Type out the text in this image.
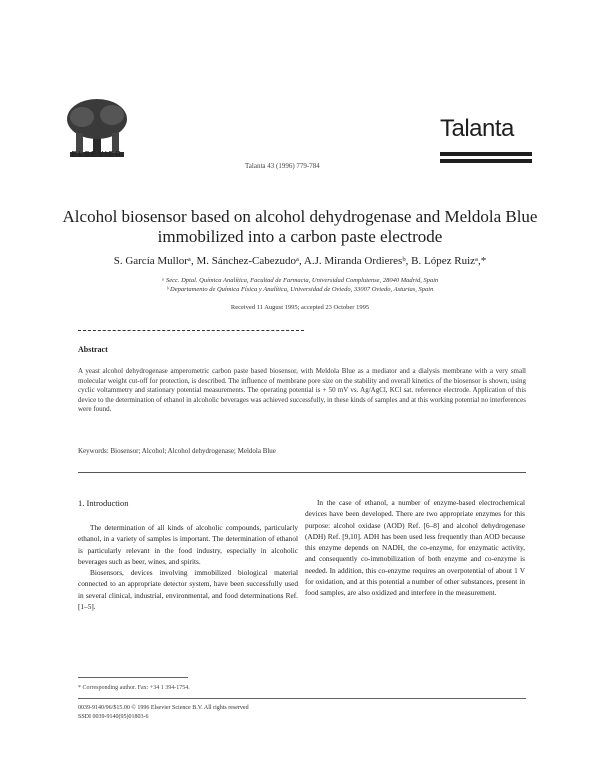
ELSEVIER
Talanta 43 (1996) 779-784
Talanta
Alcohol biosensor based on alcohol dehydrogenase and Meldola Blue immobilized into a carbon paste electrode
S. García Mullorᵃ, M. Sánchez-Cabezudoᵃ, A.J. Miranda Ordieresᵇ, B. López Ruizᵃ,*
ᵃ Secc. Dptal. Química Analítica, Facultad de Farmacia, Universidad Complutense, 28040 Madrid, Spain
ᵇ Departamento de Química Física y Analítica, Universidad de Oviedo, 33007 Oviedo, Asturias, Spain
Received 11 August 1995; accepted 23 October 1995
Abstract
A yeast alcohol dehydrogenase amperometric carbon paste based biosensor, with Meldola Blue as a mediator and a dialysis membrane with a very small molecular weight cut-off for protection, is described. The influence of membrane pore size on the stability and overall kinetics of the biosensor is shown, using cyclic voltammetry and stationary potential measurements. The operating potential is + 50 mV vs. Ag/AgCl, KCl sat. reference electrode. Application of this device to the determination of ethanol in alcoholic beverages was achieved successfully, in these kinds of samples and at this working potential no interferences were found.
Keywords: Biosensor; Alcohol; Alcohol dehydrogenase; Meldola Blue
1. Introduction

The determination of all kinds of alcoholic compounds, particularly ethanol, in a variety of samples is important. The determination of ethanol is particularly relevant in the food industry, especially in alcoholic beverages such as beer, wines, and spirits.

Biosensors, devices involving immobilized biological material connected to an appropriate detector system, have been successfully used in several clinical, industrial, environmental, and food determinations Ref. [1–5].

In the case of ethanol, a number of enzyme-based electrochemical devices have been developed. There are two appropriate enzymes for this purpose: alcohol oxidase (AOD) Ref. [6–8] and alcohol dehydrogenase (ADH) Ref. [9,10]. ADH has been used less frequently than AOD because this enzyme depends on NADH, the co-enzyme, for enzymatic activity, and consequently co-immobilization of both enzyme and co-enzyme is needed. In addition, this co-enzyme requires an overpotential of about 1 V for oxidation, and at this potential a number of other substances, present in food samples, are also oxidized and interfere in the measurement.

* Corresponding author. Fax: +34 1 394-1754.
0039-9140/96/$15.00 © 1996 Elsevier Science B.V. All rights reserved
SSDI 0039-9140(95)01803-6
